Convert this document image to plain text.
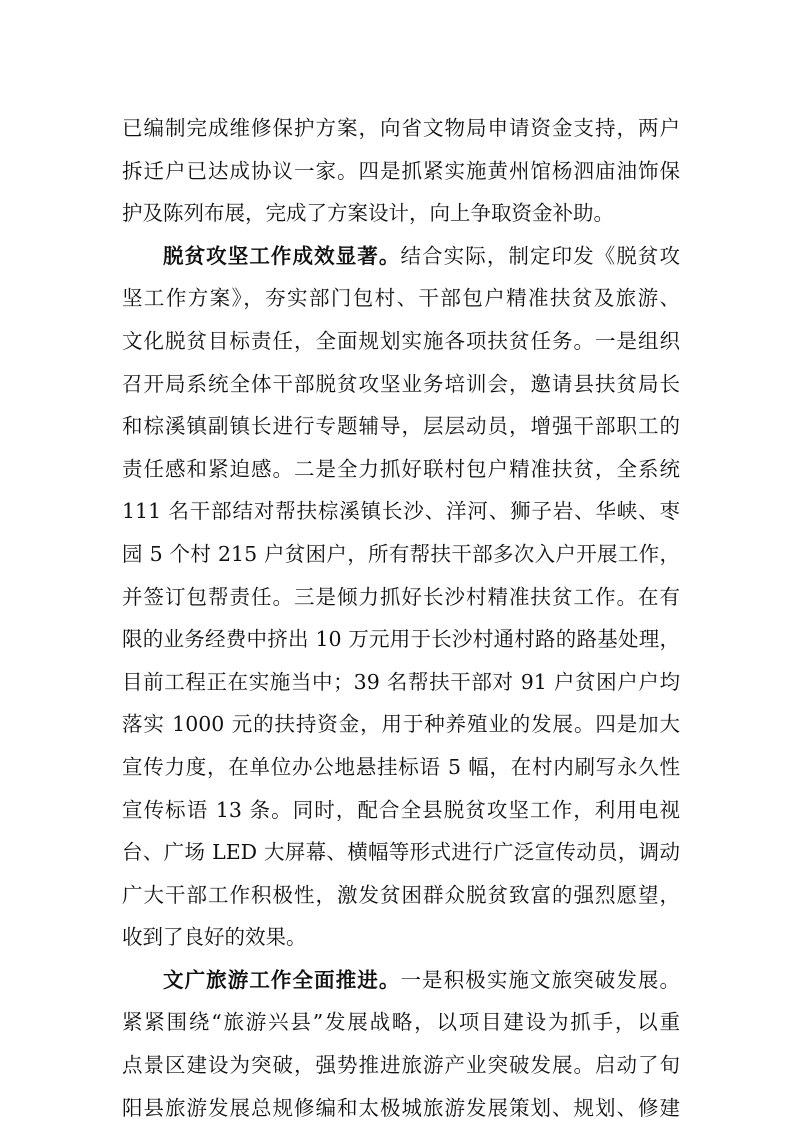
已编制完成维修保护方案，向省文物局申请资金支持，两户
拆迁户已达成协议一家。四是抓紧实施黄州馆杨泗庙油饰保
护及陈列布展，完成了方案设计，向上争取资金补助。
脱贫攻坚工作成效显著。结合实际，制定印发《脱贫攻
坚工作方案》，夯实部门包村、干部包户精准扶贫及旅游、
文化脱贫目标责任，全面规划实施各项扶贫任务。一是组织
召开局系统全体干部脱贫攻坚业务培训会，邀请县扶贫局长
和棕溪镇副镇长进行专题辅导，层层动员，增强干部职工的
责任感和紧迫感。二是全力抓好联村包户精准扶贫，全系统
111 名干部结对帮扶棕溪镇长沙、洋河、狮子岩、华峡、枣
园 5 个村 215 户贫困户，所有帮扶干部多次入户开展工作，
并签订包帮责任。三是倾力抓好长沙村精准扶贫工作。在有
限的业务经费中挤出 10 万元用于长沙村通村路的路基处理，
目前工程正在实施当中；39 名帮扶干部对 91 户贫困户户均
落实 1000 元的扶持资金，用于种养殖业的发展。四是加大
宣传力度，在单位办公地悬挂标语 5 幅，在村内刷写永久性
宣传标语 13 条。同时，配合全县脱贫攻坚工作，利用电视
台、广场 LED 大屏幕、横幅等形式进行广泛宣传动员，调动
广大干部工作积极性，激发贫困群众脱贫致富的强烈愿望，
收到了良好的效果。
文广旅游工作全面推进。一是积极实施文旅突破发展。
紧紧围绕“旅游兴县”发展战略，以项目建设为抓手，以重
点景区建设为突破，强势推进旅游产业突破发展。启动了旬
阳县旅游发展总规修编和太极城旅游发展策划、规划、修建
